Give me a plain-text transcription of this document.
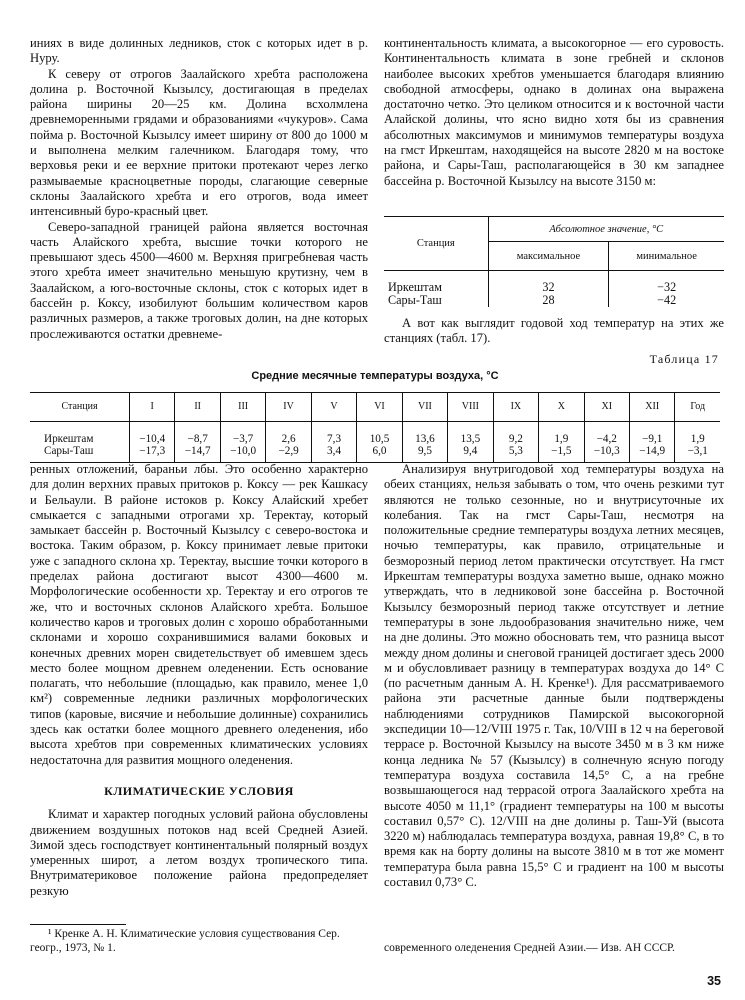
иниях в виде долинных ледников, сток с которых идет в р. Нуру.

К северу от отрогов Заалайского хребта расположена долина р. Восточной Кызылсу, достигающая в пределах района ширины 20—25 км. Долина всхолмлена древнеморенными грядами и образованиями «чукуров». Сама пойма р. Восточной Кызылсу имеет ширину от 800 до 1000 м и выполнена мелким галечником. Благодаря тому, что верховья реки и ее верхние притоки протекают через легко размываемые красноцветные породы, слагающие северные склоны Заалайского хребта и его отрогов, вода имеет интенсивный буро-красный цвет.

Северо-западной границей района является восточная часть Алайского хребта, высшие точки которого не превышают здесь 4500—4600 м. Верхняя пригребневая часть этого хребта имеет значительно меньшую крутизну, чем в Заалайском, а юго-восточные склоны, сток с которых идет в бассейн р. Коксу, изобилуют большим количеством каров различных размеров, а также троговых долин, на дне которых прослеживаются остатки древнеме-

континентальность климата, а высокогорное — его суровость. Континентальность климата в зоне гребней и склонов наиболее высоких хребтов уменьшается благодаря влиянию свободной атмосферы, однако в долинах она выражена достаточно четко. Это целиком относится и к восточной части Алайской долины, что ясно видно хотя бы из сравнения абсолютных максимумов и минимумов температуры воздуха на гмст Иркештам, находящейся на высоте 2820 м на востоке района, и Сары-Таш, располагающейся в 30 км западнее бассейна р. Восточной Кызылсу на высоте 3150 м:

Станция	Абсолютное значение, °С	
	максимальное	минимальное
Иркештам	32	−32
Сары-Таш	28	−42

А вот как выглядит годовой ход температур на этих же станциях (табл. 17).

Таблица 17
Средние месячные температуры воздуха, °С
Станция	I	II	III	IV	V	VI	VII	VIII	IX	X	XI	XII	Год
Иркештам	−10,4	−8,7	−3,7	2,6	7,3	10,5	13,6	13,5	9,2	1,9	−4,2	−9,1	1,9
Сары-Таш	−17,3	−14,7	−10,0	−2,9	3,4	6,0	9,5	9,4	5,3	−1,5	−10,3	−14,9	−3,1

ренных отложений, бараньи лбы. Это особенно характерно для долин верхних правых притоков р. Коксу — рек Кашкасу и Бельаули. В районе истоков р. Коксу Алайский хребет смыкается с западными отрогами хр. Теректау, который замыкает бассейн р. Восточный Кызылсу с северо-востока и востока. Таким образом, р. Коксу принимает левые притоки уже с западного склона хр. Теректау, высшие точки которого в пределах района достигают высот 4300—4600 м. Морфологические особенности хр. Теректау и его отрогов те же, что и восточных склонов Алайского хребта. Большое количество каров и троговых долин с хорошо обработанными склонами и хорошо сохранившимися валами боковых и конечных древних морен свидетельствует об имевшем здесь место более мощном древнем оледенении. Есть основание полагать, что небольшие (площадью, как правило, менее 1,0 км²) современные ледники различных морфологических типов (каровые, висячие и небольшие долинные) сохранились здесь как остатки более мощного древнего оледенения, ибо высота хребтов при современных климатических условиях недостаточна для развития мощного оледенения.

КЛИМАТИЧЕСКИЕ УСЛОВИЯ

Климат и характер погодных условий района обусловлены движением воздушных потоков над всей Средней Азией. Зимой здесь господствует континентальный полярный воздух умеренных широт, а летом воздух тропического типа. Внутриматериковое положение района предопределяет резкую

Анализируя внутригодовой ход температуры воздуха на обеих станциях, нельзя забывать о том, что очень резкими тут являются не только сезонные, но и внутрисуточные их колебания. Так на гмст Сары-Таш, несмотря на положительные средние температуры воздуха летних месяцев, ночью температуры, как правило, отрицательные и безморозный период летом практически отсутствует. На гмст Иркештам температуры воздуха заметно выше, однако можно утверждать, что в ледниковой зоне бассейна р. Восточной Кызылсу безморозный период также отсутствует и летние температуры в зоне льдообразования значительно ниже, чем на дне долины. Это можно обосновать тем, что разница высот между дном долины и снеговой границей достигает здесь 2000 м и обусловливает разницу в температурах воздуха до 14° С (по расчетным данным А. Н. Кренке¹). Для рассматриваемого района эти расчетные данные были подтверждены наблюдениями сотрудников Памирской высокогорной экспедиции 10—12/VIII 1975 г. Так, 10/VIII в 12 ч на береговой террасе р. Восточной Кызылсу на высоте 3450 м в 3 км ниже конца ледника № 57 (Кызылсу) в солнечную ясную погоду температура воздуха составила 14,5° С, а на гребне возвышающегося над террасой отрога Заалайского хребта на высоте 4050 м 11,1° (градиент температуры на 100 м высоты составил 0,57° С). 12/VIII на дне долины р. Таш-Уй (высота 3220 м) наблюдалась температура воздуха, равная 19,8° С, в то время как на борту долины на высоте 3810 м в тот же момент температура была равна 15,5° С и градиент на 100 м высоты составил 0,73° С.

¹ Кренке А. Н. Климатические условия существования Сер. геогр., 1973, № 1.	современного оледенения Средней Азии.— Изв. АН СССР.
35
